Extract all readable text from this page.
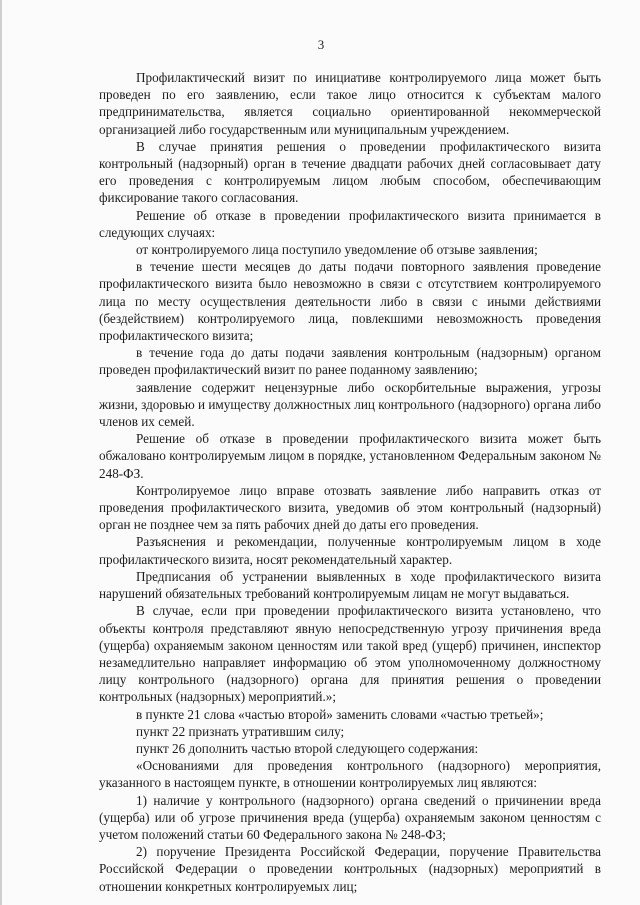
3

Профилактический визит по инициативе контролируемого лица может быть проведен по его заявлению, если такое лицо относится к субъектам малого предпринимательства, является социально ориентированной некоммерческой организацией либо государственным или муниципальным учреждением.

В случае принятия решения о проведении профилактического визита контрольный (надзорный) орган в течение двадцати рабочих дней согласовывает дату его проведения с контролируемым лицом любым способом, обеспечивающим фиксирование такого согласования.

Решение об отказе в проведении профилактического визита принимается в следующих случаях:

от контролируемого лица поступило уведомление об отзыве заявления;

в течение шести месяцев до даты подачи повторного заявления проведение профилактического визита было невозможно в связи с отсутствием контролируемого лица по месту осуществления деятельности либо в связи с иными действиями (бездействием) контролируемого лица, повлекшими невозможность проведения профилактического визита;

в течение года до даты подачи заявления контрольным (надзорным) органом проведен профилактический визит по ранее поданному заявлению;

заявление содержит нецензурные либо оскорбительные выражения, угрозы жизни, здоровью и имуществу должностных лиц контрольного (надзорного) органа либо членов их семей.

Решение об отказе в проведении профилактического визита может быть обжаловано контролируемым лицом в порядке, установленном Федеральным законом № 248-ФЗ.

Контролируемое лицо вправе отозвать заявление либо направить отказ от проведения профилактического визита, уведомив об этом контрольный (надзорный) орган не позднее чем за пять рабочих дней до даты его проведения.

Разъяснения и рекомендации, полученные контролируемым лицом в ходе профилактического визита, носят рекомендательный характер.

Предписания об устранении выявленных в ходе профилактического визита нарушений обязательных требований контролируемым лицам не могут выдаваться.

В случае, если при проведении профилактического визита установлено, что объекты контроля представляют явную непосредственную угрозу причинения вреда (ущерба) охраняемым законом ценностям или такой вред (ущерб) причинен, инспектор незамедлительно направляет информацию об этом уполномоченному должностному лицу контрольного (надзорного) органа для принятия решения о проведении контрольных (надзорных) мероприятий.»;

в пункте 21 слова «частью второй» заменить словами «частью третьей»;

пункт 22 признать утратившим силу;

пункт 26 дополнить частью второй следующего содержания:

«Основаниями для проведения контрольного (надзорного) мероприятия, указанного в настоящем пункте, в отношении контролируемых лиц являются:

1) наличие у контрольного (надзорного) органа сведений о причинении вреда (ущерба) или об угрозе причинения вреда (ущерба) охраняемым законом ценностям с учетом положений статьи 60 Федерального закона № 248-ФЗ;

2) поручение Президента Российской Федерации, поручение Правительства Российской Федерации о проведении контрольных (надзорных) мероприятий в отношении конкретных контролируемых лиц;
